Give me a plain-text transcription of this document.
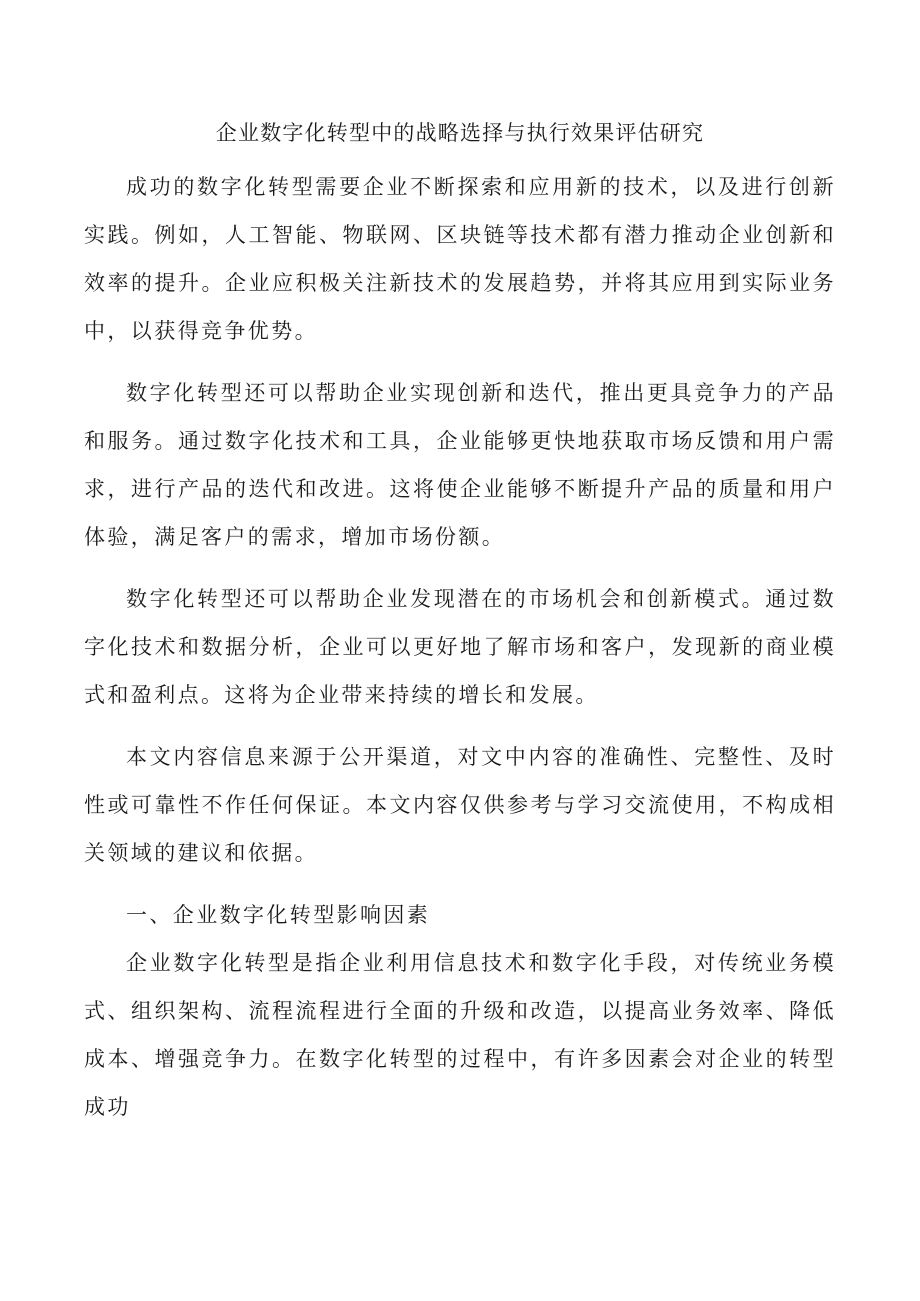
企业数字化转型中的战略选择与执行效果评估研究

成功的数字化转型需要企业不断探索和应用新的技术，以及进行创新实践。例如，人工智能、物联网、区块链等技术都有潜力推动企业创新和效率的提升。企业应积极关注新技术的发展趋势，并将其应用到实际业务中，以获得竞争优势。

数字化转型还可以帮助企业实现创新和迭代，推出更具竞争力的产品和服务。通过数字化技术和工具，企业能够更快地获取市场反馈和用户需求，进行产品的迭代和改进。这将使企业能够不断提升产品的质量和用户体验，满足客户的需求，增加市场份额。

数字化转型还可以帮助企业发现潜在的市场机会和创新模式。通过数字化技术和数据分析，企业可以更好地了解市场和客户，发现新的商业模式和盈利点。这将为企业带来持续的增长和发展。

本文内容信息来源于公开渠道，对文中内容的准确性、完整性、及时性或可靠性不作任何保证。本文内容仅供参考与学习交流使用，不构成相关领域的建议和依据。

一、企业数字化转型影响因素

企业数字化转型是指企业利用信息技术和数字化手段，对传统业务模式、组织架构、流程流程进行全面的升级和改造，以提高业务效率、降低成本、增强竞争力。在数字化转型的过程中，有许多因素会对企业的转型成功
